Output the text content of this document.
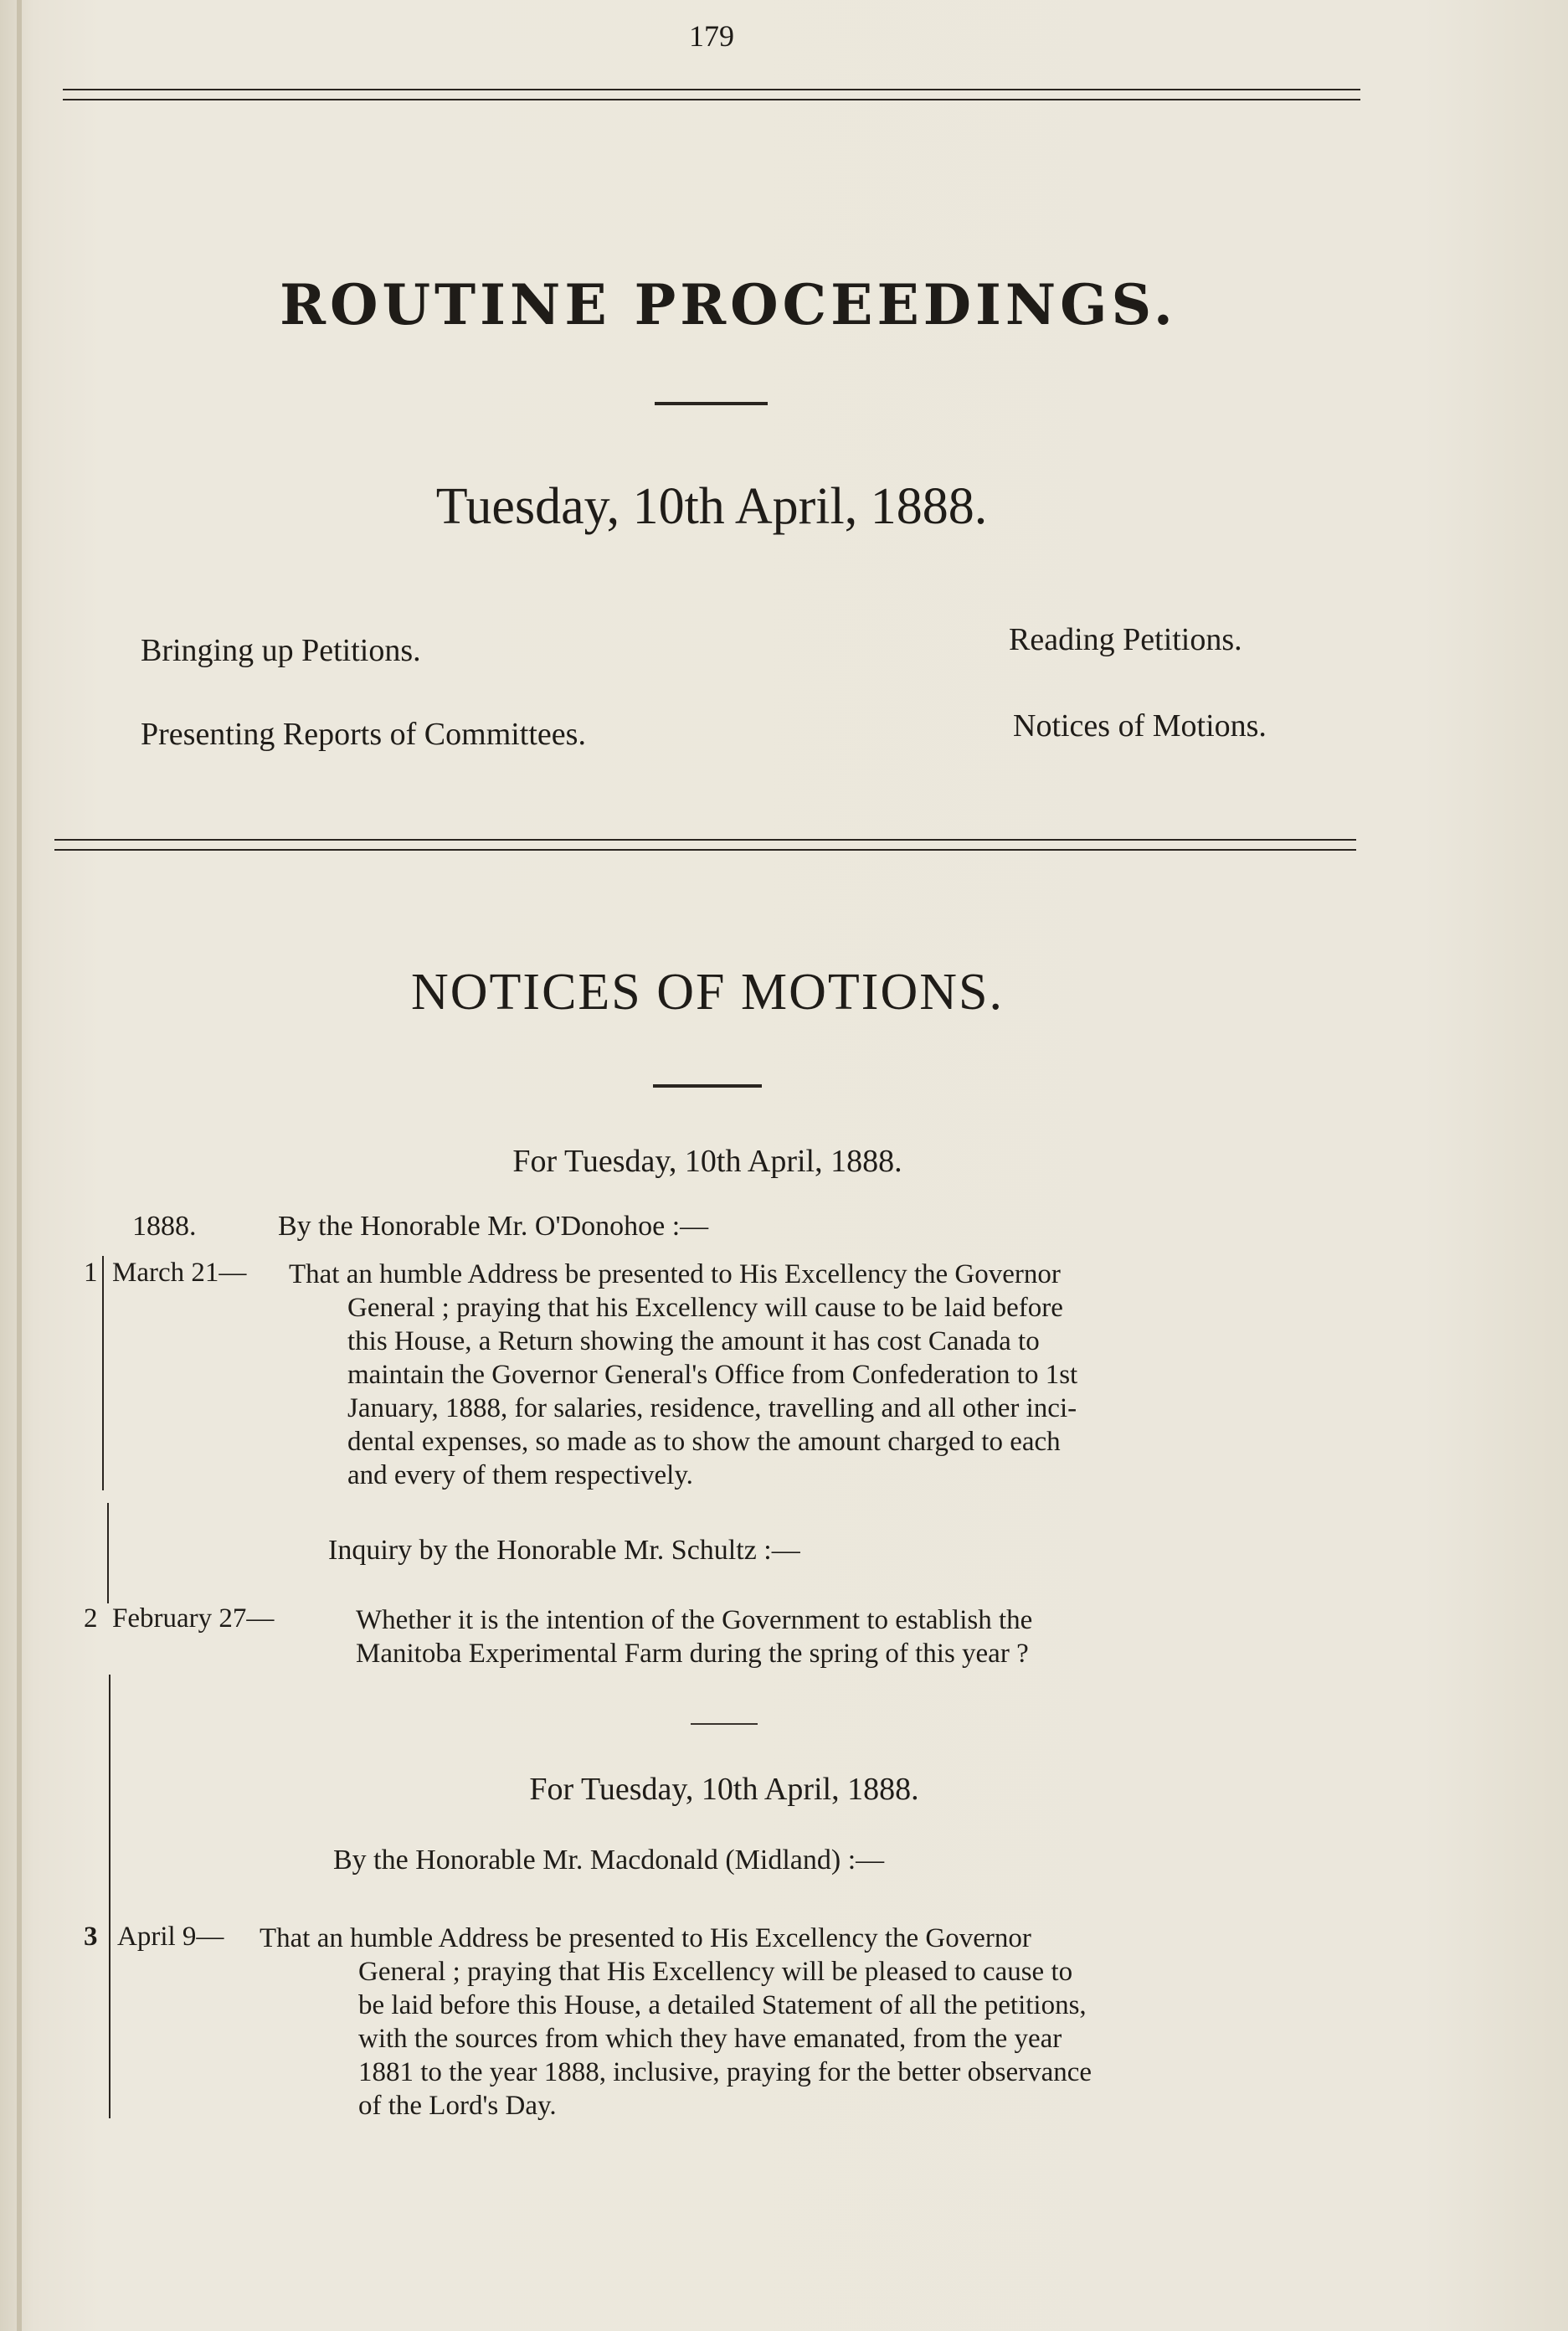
179
ROUTINE PROCEEDINGS.
Tuesday, 10th April, 1888.
Bringing up Petitions.	Reading Petitions.
Presenting Reports of Committees.	Notices of Motions.
NOTICES OF MOTIONS.
For Tuesday, 10th April, 1888.
1888.	By the Honorable Mr. O'Donohoe :—
1 March 21— That an humble Address be presented to His Excellency the Governor
General ; praying that his Excellency will cause to be laid before
this House, a Return showing the amount it has cost Canada to
maintain the Governor General's Office from Confederation to 1st
January, 1888, for salaries, residence, travelling and all other inci-
dental expenses, so made as to show the amount charged to each
and every of them respectively.
Inquiry by the Honorable Mr. Schultz :—
2 February 27—	Whether it is the intention of the Government to establish the
Manitoba Experimental Farm during the spring of this year ?
For Tuesday, 10th April, 1888.
By the Honorable Mr. Macdonald (Midland) :—
3 April 9— That an humble Address be presented to His Excellency the Governor
General ; praying that His Excellency will be pleased to cause to
be laid before this House, a detailed Statement of all the petitions,
with the sources from which they have emanated, from the year
1881 to the year 1888, inclusive, praying for the better observance
of the Lord's Day.
